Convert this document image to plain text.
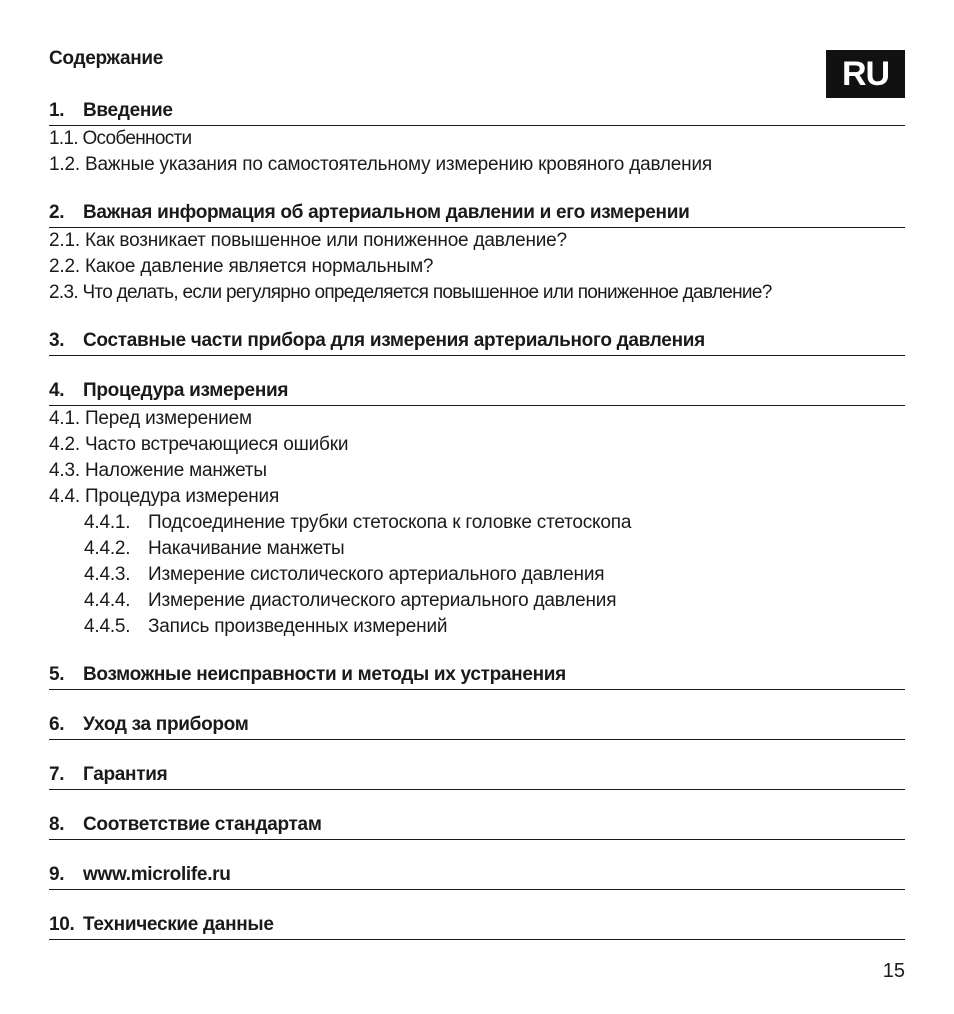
Содержание	RU
1. Введение
1.1. Особенности
1.2. Важные указания по самостоятельному измерению кровяного давления
2. Важная информация об артериальном давлении и его измерении
2.1. Как возникает повышенное или пониженное давление?
2.2. Какое давление является нормальным?
2.3. Что делать, если регулярно определяется повышенное или пониженное давление?
3. Составные части прибора для измерения артериального давления
4. Процедура измерения
4.1. Перед измерением
4.2. Часто встречающиеся ошибки
4.3. Наложение манжеты
4.4. Процедура измерения
4.4.1. Подсоединение трубки стетоскопа к головке стетоскопа
4.4.2. Накачивание манжеты
4.4.3. Измерение систолического артериального давления
4.4.4. Измерение диастолического артериального давления
4.4.5. Запись произведенных измерений
5. Возможные неисправности и методы их устранения
6. Уход за прибором
7. Гарантия
8. Соответствие стандартам
9. www.microlife.ru
10. Технические данные
15
